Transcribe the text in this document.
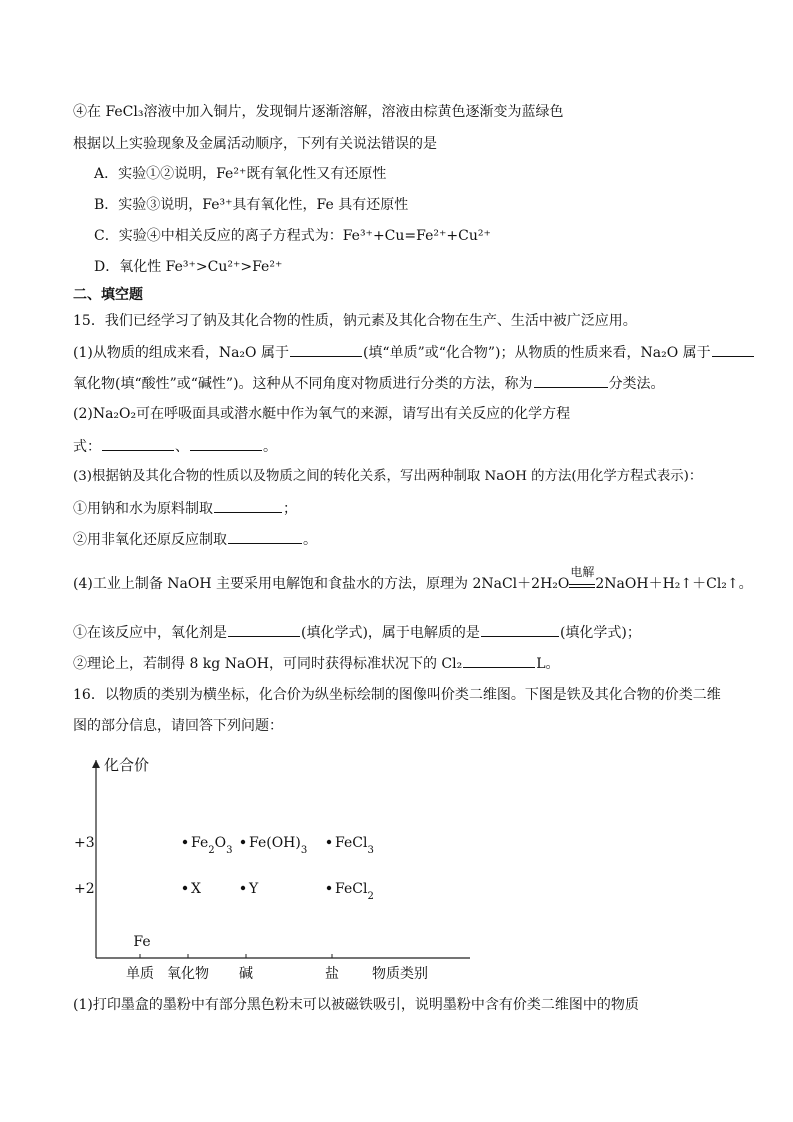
④在 FeCl₃溶液中加入铜片，发现铜片逐渐溶解，溶液由棕黄色逐渐变为蓝绿色
根据以上实验现象及金属活动顺序，下列有关说法错误的是
A．实验①②说明，Fe²⁺既有氧化性又有还原性
B．实验③说明，Fe³⁺具有氧化性，Fe 具有还原性
C．实验④中相关反应的离子方程式为：Fe³⁺+Cu=Fe²⁺+Cu²⁺
D．氧化性 Fe³⁺>Cu²⁺>Fe²⁺
二、填空题
15．我们已经学习了钠及其化合物的性质，钠元素及其化合物在生产、生活中被广泛应用。
(1)从物质的组成来看，Na₂O 属于	(填“单质”或“化合物”)；从物质的性质来看，Na₂O 属于
氧化物(填“酸性”或“碱性”)。这种从不同角度对物质进行分类的方法，称为	分类法。
(2)Na₂O₂可在呼吸面具或潜水艇中作为氧气的来源，请写出有关反应的化学方程
式：	、	。
(3)根据钠及其化合物的性质以及物质之间的转化关系，写出两种制取 NaOH 的方法(用化学方程式表示)：
①用钠和水为原料制取	；
②用非氧化还原反应制取	。
(4)工业上制备 NaOH 主要采用电解饱和食盐水的方法，原理为 2NaCl＋2H₂O
电解
2NaOH＋H₂↑＋Cl₂↑。
①在该反应中，氧化剂是	(填化学式)，属于电解质的是	(填化学式)；
②理论上，若制得 8 kg NaOH，可同时获得标准状况下的 Cl₂	L。
16．以物质的类别为横坐标，化合价为纵坐标绘制的图像叫价类二维图。下图是铁及其化合物的价类二维
图的部分信息，请回答下列问题：
化合价
物质类别
+3
+2
单质 氧化物 碱	盐
Fe
$Fe_2O_3$ $Fe(OH)_3$ FeCl$_3$
X	Y	FeCl$_2$
(1)打印墨盒的墨粉中有部分黑色粉末可以被磁铁吸引，说明墨粉中含有价类二维图中的物质
